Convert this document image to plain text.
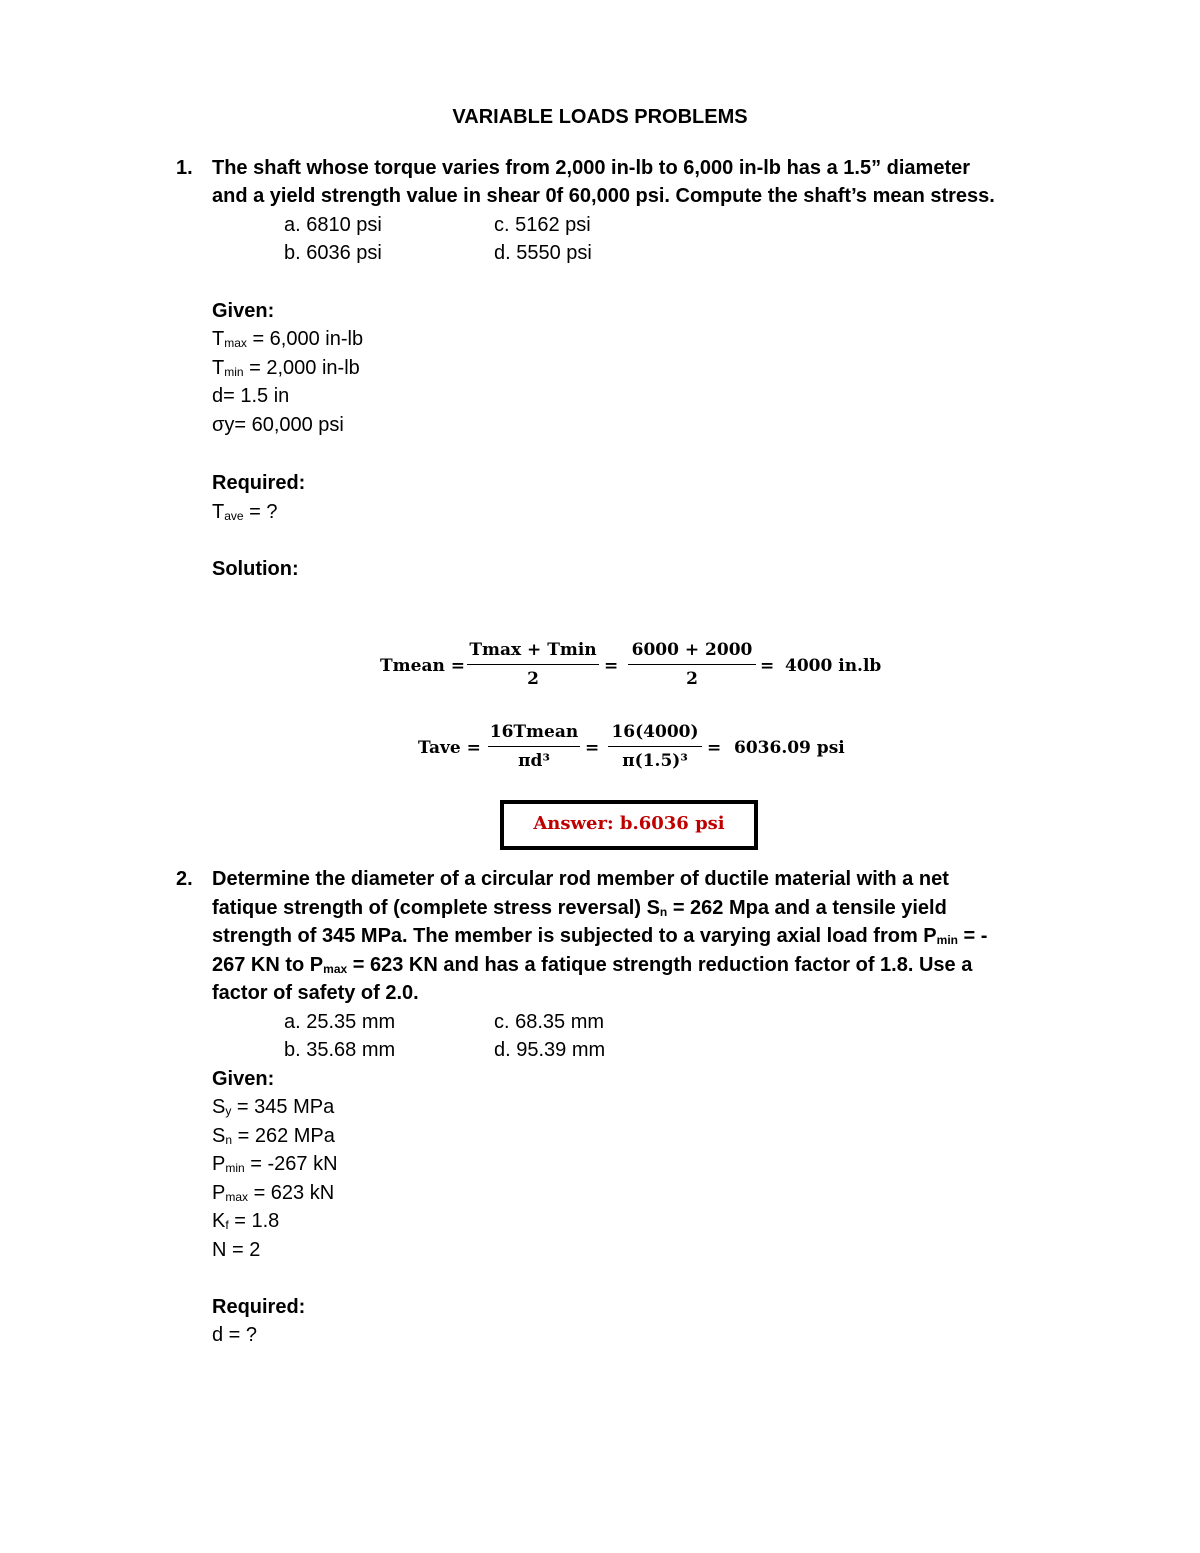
VARIABLE LOADS PROBLEMS
1. The shaft whose torque varies from 2,000 in-lb to 6,000 in-lb has a 1.5” diameter
and a yield strength value in shear 0f 60,000 psi. Compute the shaft’s mean stress.
a. 6810 psi	c. 5162 psi
b. 6036 psi	d. 5550 psi
Given:
$T_{max} = 6,000$ in-lb
$T_{min} = 2,000$ in-lb
d= 1.5 in
σy= 60,000 psi
Required:
$T_{ave}$ = ?
Solution:
Tmean =
Tmax + Tmin
2
=
6000 + 2000
2
= 4000 in.lb
Tave =
16Tmean
πd³
=
16(4000)
π(1.5)³
= 6036.09 psi
Answer: b.6036 psi
2. Determine the diameter of a circular rod member of ductile material with a net
fatique strength of (complete stress reversal) $S_n = 262$ Mpa and a tensile yield
strength of 345 MPa. The member is subjected to a varying axial load from $P_{min}$ = -
267 KN to $P_{max} = 623$ KN and has a fatique strength reduction factor of 1.8. Use a
factor of safety of 2.0.
a. 25.35 mm	c. 68.35 mm
b. 35.68 mm	d. 95.39 mm
Given:
$S_y = 345$ MPa
$S_n = 262$ MPa
$P_{min} = -267$ kN
$P_{max} = 623$ kN
$K_f = 1.8$
N = 2
Required:
d = ?
